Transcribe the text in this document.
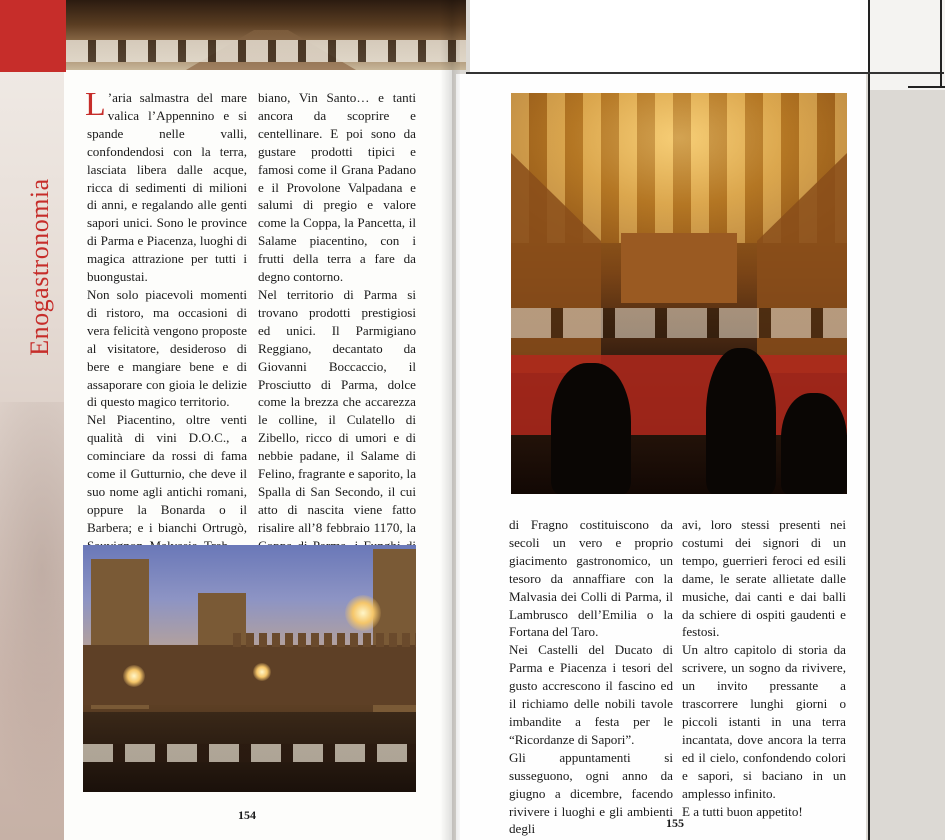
Enogastronomia

L ’aria salmastra del mare valica l’Appennino e si spande nelle valli, confondendosi con la terra, lasciata libera dalle acque, ricca di sedimenti di milioni di anni, e regalando alle genti sapori unici. Sono le province di Parma e Piacenza, luoghi di magica attrazione per tutti i buongustai.

Non solo piacevoli momenti di ristoro, ma occasioni di vera felicità vengono proposte al visitatore, desideroso di bere e mangiare bene e di assaporare con gioia le delizie di questo magico territorio.

Nel Piacentino, oltre venti qualità di vini D.O.C., a cominciare da rossi di fama come il Gutturnio, che deve il suo nome agli antichi romani, oppure la Bonarda o il Barbera; e i bianchi Ortrugò,

biano, Vin Santo… e tanti ancora da scoprire e centellinare. E poi sono da gustare prodotti tipici e famosi come il Grana Padano e il Provolone Valpadana e salumi di pregio e valore come la Coppa, la Pancetta, il Salame piacentino, con i frutti della terra a fare da degno contorno.

Nel territorio di Parma si trovano prodotti prestigiosi ed unici. Il Parmigiano Reggiano, decantato da Giovanni Boccaccio, il Prosciutto di Parma, dolce come la brezza che accarezza le colline, il Culatello di Zibello, ricco di umori e di nebbie padane, il Salame di Felino, fragrante e saporito, la Spalla di San Secondo, il cui atto di nascita viene fatto risalire all’8 febbraio 1170, la

154

di Fragno costituiscono da secoli un vero e proprio giacimento gastronomico, un tesoro da annaffiare con la Malvasia dei Colli di Parma, il Lambrusco dell’Emilia o la Fortana del Taro.

Nei Castelli del Ducato di Parma e Piacenza i tesori del gusto accrescono il fascino ed il richiamo delle nobili tavole imbandite a festa per le “Ricordanze di Sapori”.

Gli appuntamenti si susseguono, ogni anno da giugno a dicembre, facendo rivivere i luoghi e gli ambienti degli

avi, loro stessi presenti nei costumi dei signori di un tempo, guerrieri feroci ed esili dame, le serate allietate dalle musiche, dai canti e dai balli da schiere di ospiti gaudenti e festosi.

Un altro capitolo di storia da scrivere, un sogno da rivivere, un invito pressante a trascorrere lunghi giorni o piccoli istanti in una terra incantata, dove ancora la terra ed il cielo, confondendo colori e sapori, si baciano in un amplesso infinito.

E a tutti buon appetito!

155
